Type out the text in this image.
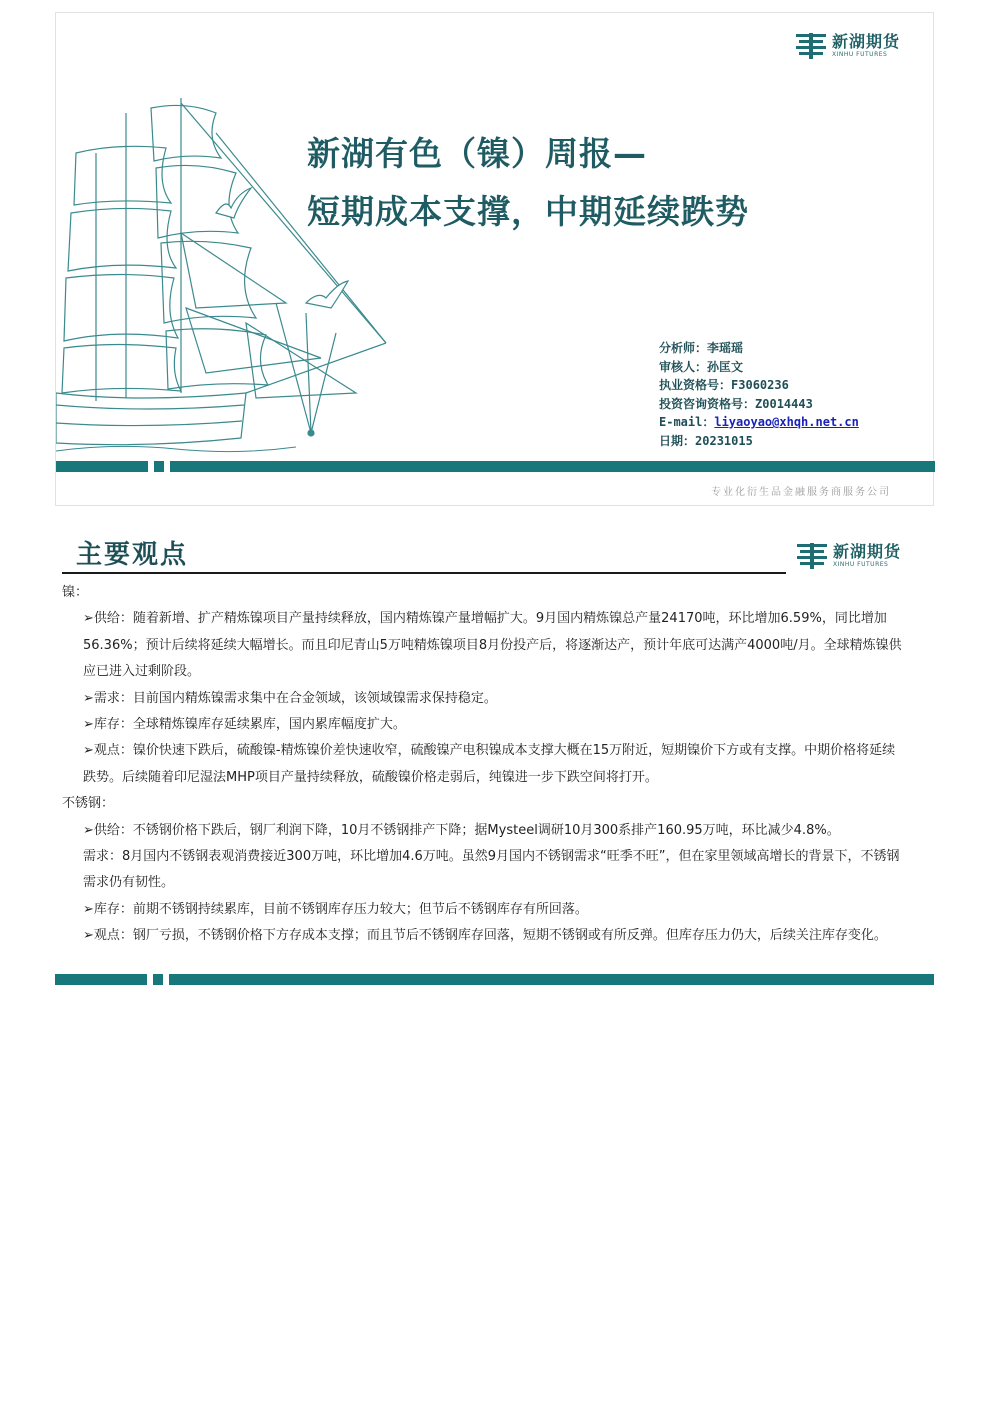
新湖期货
XINHU FUTURES
新湖有色（镍）周报—
短期成本支撑，中期延续跌势
分析师：李瑶瑶
审核人：孙匡文
执业资格号：F3060236
投资咨询资格号：Z0014443
E-mail：liyaoyao@xhqh.net.cn
日期：20231015
专业化衍生品金融服务商服务公司
主要观点	新湖期货
XINHU FUTURES

镍：

➢供给：随着新增、扩产精炼镍项目产量持续释放，国内精炼镍产量增幅扩大。9月国内精炼镍总产量24170吨，环比增加6.59%，同比增加56.36%；预计后续将延续大幅增长。而且印尼青山5万吨精炼镍项目8月份投产后，将逐渐达产，预计年底可达满产4000吨/月。全球精炼镍供应已进入过剩阶段。

➢需求：目前国内精炼镍需求集中在合金领域，该领域镍需求保持稳定。

➢库存：全球精炼镍库存延续累库，国内累库幅度扩大。

➢观点：镍价快速下跌后，硫酸镍-精炼镍价差快速收窄，硫酸镍产电积镍成本支撑大概在15万附近，短期镍价下方或有支撑。中期价格将延续跌势。后续随着印尼湿法MHP项目产量持续释放，硫酸镍价格走弱后，纯镍进一步下跌空间将打开。

不锈钢：

➢供给：不锈钢价格下跌后，钢厂利润下降，10月不锈钢排产下降；据Mysteel调研10月300系排产160.95万吨，环比减少4.8%。

需求：8月国内不锈钢表观消费接近300万吨，环比增加4.6万吨。虽然9月国内不锈钢需求“旺季不旺”，但在家里领域高增长的背景下，不锈钢需求仍有韧性。

➢库存：前期不锈钢持续累库，目前不锈钢库存压力较大；但节后不锈钢库存有所回落。

➢观点：钢厂亏损，不锈钢价格下方存成本支撑；而且节后不锈钢库存回落，短期不锈钢或有所反弹。但库存压力仍大，后续关注库存变化。
